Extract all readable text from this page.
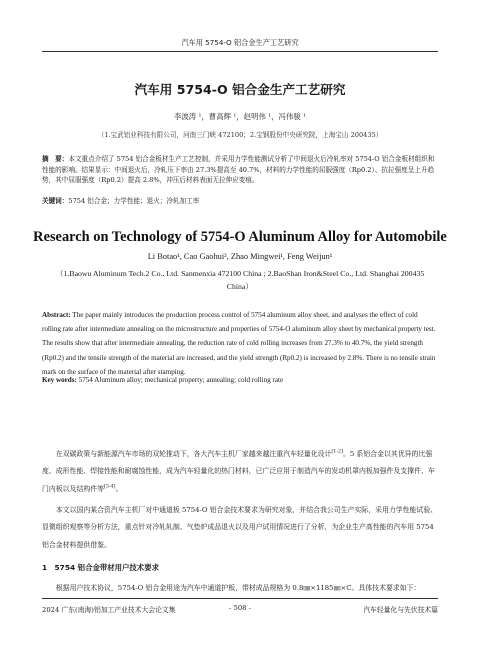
汽车用 5754-O 铝合金生产工艺研究
汽车用 5754-O 铝合金生产工艺研究
李波涛 ¹，曹高辉 ¹，赵明伟 ¹，冯伟骏 ¹
（1.宝武铝业科技有限公司，河南三门峡 472100；2.宝钢股份中央研究院，上海宝山 200435）
摘　要：本文重点介绍了 5754 铝合金板材生产工艺控制，并采用力学性能测试分析了中间退火后冷轧率对 5754-O 铝合金板材组织和性能的影响。结果显示：中间退火后，冷轧压下率由 27.3%提高至 40.7%，材料的力学性能的屈服强度（Rp0.2）、抗拉强度呈上升趋势，其中屈服强度（Rp0.2）提高 2.8%，冲压后材料表面无拉伸应变痕。
关键词：5754 铝合金；力学性能；退火；冷轧加工率
Research on Technology of 5754-O Aluminum Alloy for Automobile
Li Botao¹, Cao Gaohui², Zhao Mingwei¹, Feng Weijun¹
（1.Baowu Aluminum Tech.2 Co., Ltd. Sanmenxia 472100 China ; 2.BaoShan Iron&Steel Co., Ltd. Shanghai 200435 China）
Abstract: The paper mainly introduces the production process control of 5754 aluminum alloy sheet, and analyses the effect of cold rolling rate after intermediate annealing on the microstructure and properties of 5754-O aluminum alloy sheet by mechanical property test. The results show that after intermediate annealing, the reduction rate of cold rolling increases from 27.3% to 40.7%, the yield strength (Rp0.2) and the tensile strength of the material are increased, and the yield strength (Rp0.2) is increased by 2.8%. There is no tensile strain mark on the surface of the material after stamping.
Key words: 5754 Aluminum alloy; mechanical property; annealing; cold rolling rate
在双碳政策与新能源汽车市场的双轮推动下，各大汽车主机厂家越来越注重汽车轻量化设计[1-2]。5 系铝合金以其优异的比强度、成形性能、焊接性能和耐腐蚀性能，成为汽车轻量化的热门材料，已广泛应用于制造汽车的发动机罩内板加强件及支撑件、车门内板以及结构件等[3-4]。
本文以国内某合资汽车主机厂对中通道板 5754-O 铝合金技术要求为研究对象，并结合我公司生产实际，采用力学性能试验、显微组织观察等分析方法，重点针对冷轧轧制、气垫炉成品退火以及用户试用情况进行了分析，为企业生产高性能的汽车用 5754 铝合金材料提供借鉴。
1　5754 铝合金带材用户技术要求
根据用户技术协议，5754-O 铝合金用途为汽车中通道护板，带材成品规格为 0.8㎜×1185㎜×C。具体技术要求如下：
2024 广东(南海)铝加工产业技术大会论文集	- 508 -	汽车轻量化与先伏技术篇
